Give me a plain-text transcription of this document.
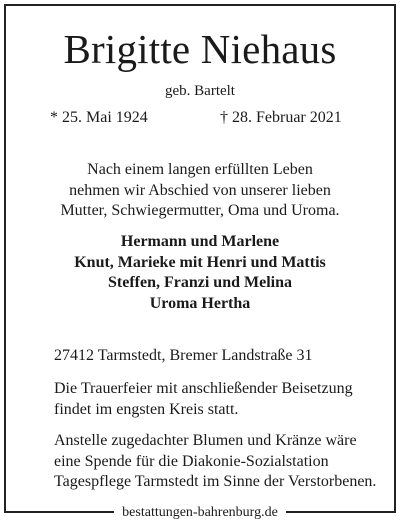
Brigitte Niehaus
geb. Bartelt
* 25. Mai 1924	† 28. Februar 2021
Nach einem langen erfüllten Leben
nehmen wir Abschied von unserer lieben
Mutter, Schwiegermutter, Oma und Uroma.
Hermann und Marlene
Knut, Marieke mit Henri und Mattis
Steffen, Franzi und Melina
Uroma Hertha
27412 Tarmstedt, Bremer Landstraße 31
Die Trauerfeier mit anschließender Beisetzung
findet im engsten Kreis statt.
Anstelle zugedachter Blumen und Kränze wäre
eine Spende für die Diakonie-Sozialstation
Tagespflege Tarmstedt im Sinne der Verstorbenen.
bestattungen-bahrenburg.de
